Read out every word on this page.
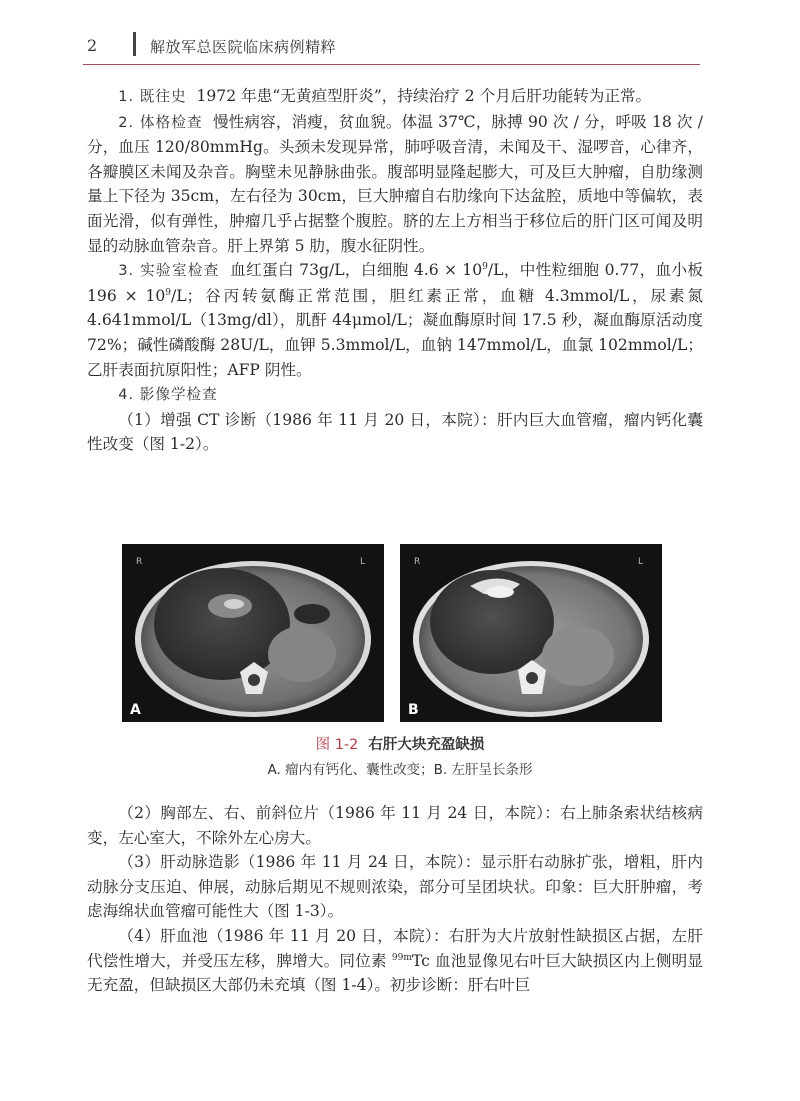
2	解放军总医院临床病例精粹

1. 既往史 1972 年患“无黄疸型肝炎”，持续治疗 2 个月后肝功能转为正常。

2. 体格检查 慢性病容，消瘦，贫血貌。体温 37℃，脉搏 90 次 / 分，呼吸 18 次 / 分，血压 120/80mmHg。头颈未发现异常，肺呼吸音清，未闻及干、湿啰音，心律齐，各瓣膜区未闻及杂音。胸壁未见静脉曲张。腹部明显隆起膨大，可及巨大肿瘤，自肋缘测量上下径为 35cm，左右径为 30cm，巨大肿瘤自右肋缘向下达盆腔，质地中等偏软，表面光滑，似有弹性，肿瘤几乎占据整个腹腔。脐的左上方相当于移位后的肝门区可闻及明显的动脉血管杂音。肝上界第 5 肋，腹水征阴性。

3. 实验室检查 血红蛋白 73g/L，白细胞 $4.6 \times 10^9/L$，中性粒细胞 0.77，血小板 $196 \times 10^9/L$；谷丙转氨酶正常范围，胆红素正常，血糖 4.3mmol/L，尿素氮 4.641mmol/L（13mg/dl），肌酐 44μmol/L；凝血酶原时间 17.5 秒，凝血酶原活动度 72%；碱性磷酸酶 28U/L，血钾 5.3mmol/L，血钠 147mmol/L，血氯 102mmol/L；乙肝表面抗原阳性；AFP 阴性。

4. 影像学检查

（1）增强 CT 诊断（1986 年 11 月 20 日，本院）：肝内巨大血管瘤，瘤内钙化囊性改变（图 1-2）。

R	L
A
R	L
B
图 1-2 右肝大块充盈缺损
A. 瘤内有钙化、囊性改变；B. 左肝呈长条形

（2）胸部左、右、前斜位片（1986 年 11 月 24 日，本院）：右上肺条索状结核病变，左心室大，不除外左心房大。

（3）肝动脉造影（1986 年 11 月 24 日，本院）：显示肝右动脉扩张，增粗，肝内动脉分支压迫、伸展，动脉后期见不规则浓染，部分可呈团块状。印象：巨大肝肿瘤，考虑海绵状血管瘤可能性大（图 1-3）。

（4）肝血池（1986 年 11 月 20 日，本院）：右肝为大片放射性缺损区占据，左肝代偿性增大，并受压左移，脾增大。同位素 $^{99m}$Tc 血池显像见右叶巨大缺损区内上侧明显无充盈，但缺损区大部仍未充填（图 1-4）。初步诊断：肝右叶巨
